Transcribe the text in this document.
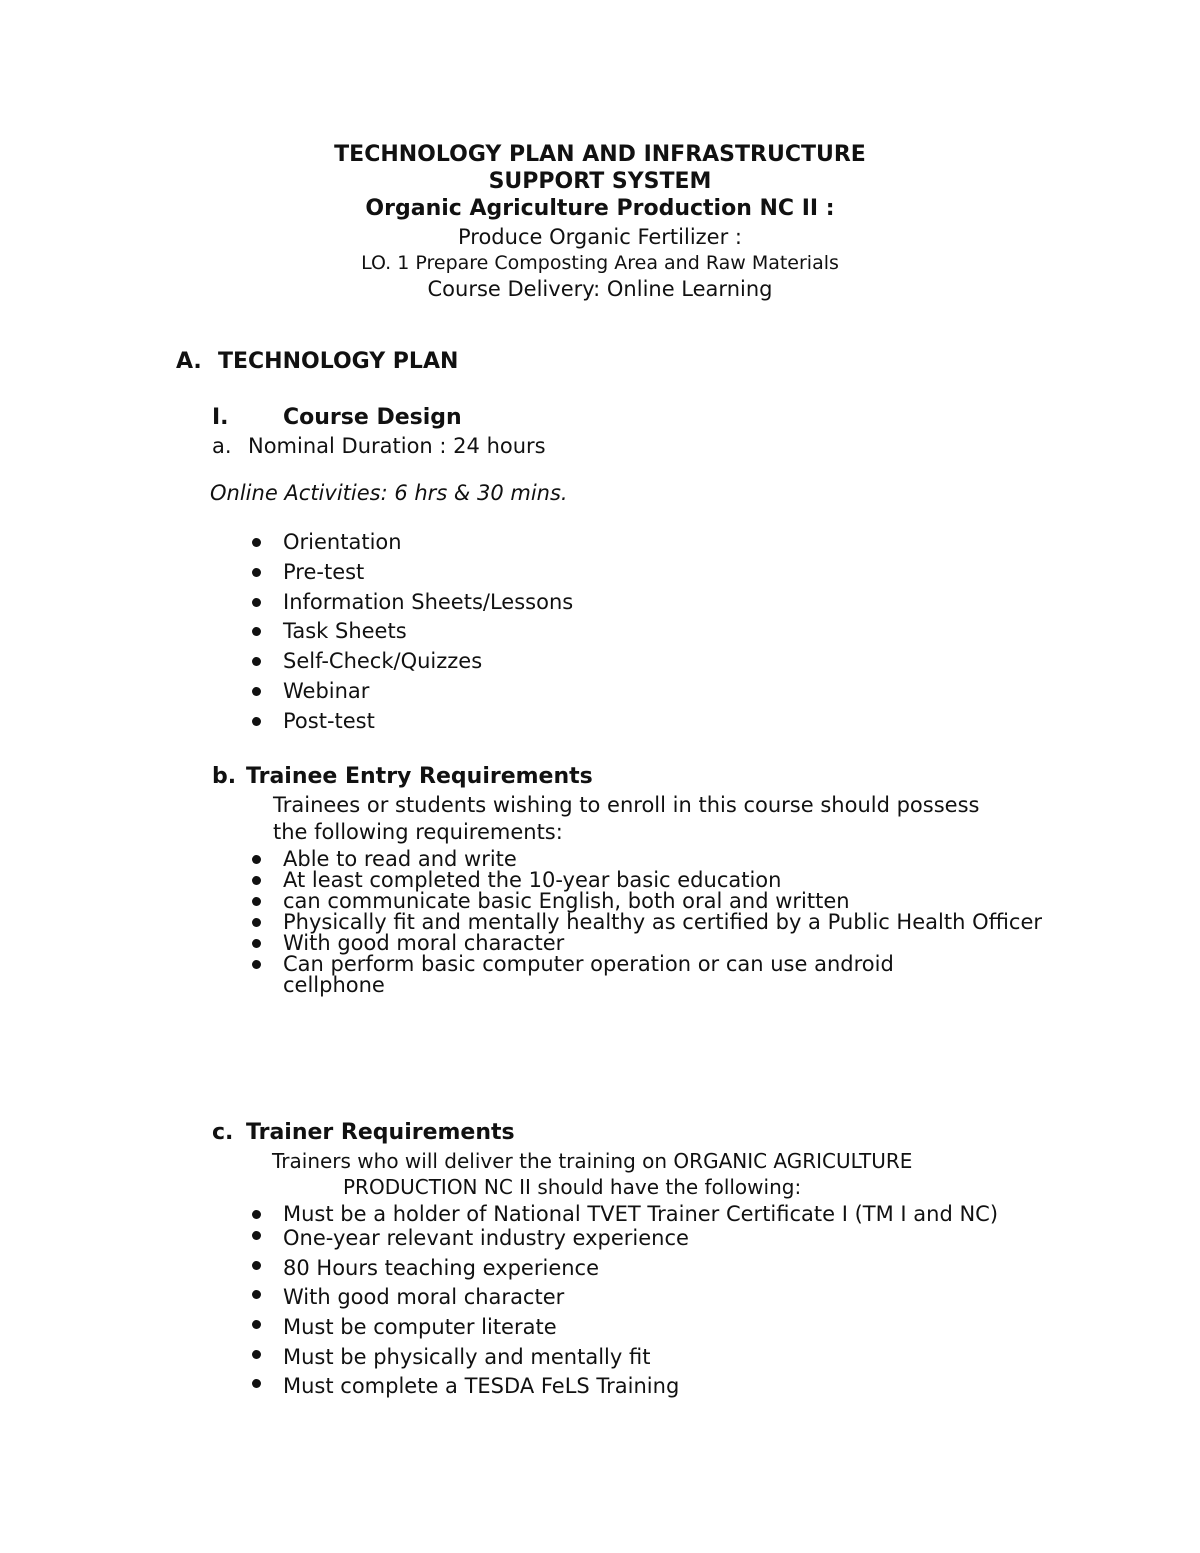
TECHNOLOGY PLAN AND INFRASTRUCTURE
SUPPORT SYSTEM
Organic Agriculture Production NC II :
Produce Organic Fertilizer :
LO. 1 Prepare Composting Area and Raw Materials
Course Delivery: Online Learning
A. TECHNOLOGY PLAN
I. Course Design
a. Nominal Duration : 24 hours
Online Activities: 6 hrs & 30 mins.
Orientation
Pre-test
Information Sheets/Lessons
Task Sheets
Self-Check/Quizzes
Webinar
Post-test
b. Trainee Entry Requirements
Trainees or students wishing to enroll in this course should possess
the following requirements:
Able to read and write
At least completed the 10-year basic education
can communicate basic English, both oral and written
Physically fit and mentally healthy as certified by a Public Health Officer
With good moral character
Can perform basic computer operation or can use android cellphone
c. Trainer Requirements
Trainers who will deliver the training on ORGANIC AGRICULTURE
PRODUCTION NC II should have the following:
Must be a holder of National TVET Trainer Certificate I (TM I and NC)
One-year relevant industry experience
80 Hours teaching experience
With good moral character
Must be computer literate
Must be physically and mentally fit
Must complete a TESDA FeLS Training
